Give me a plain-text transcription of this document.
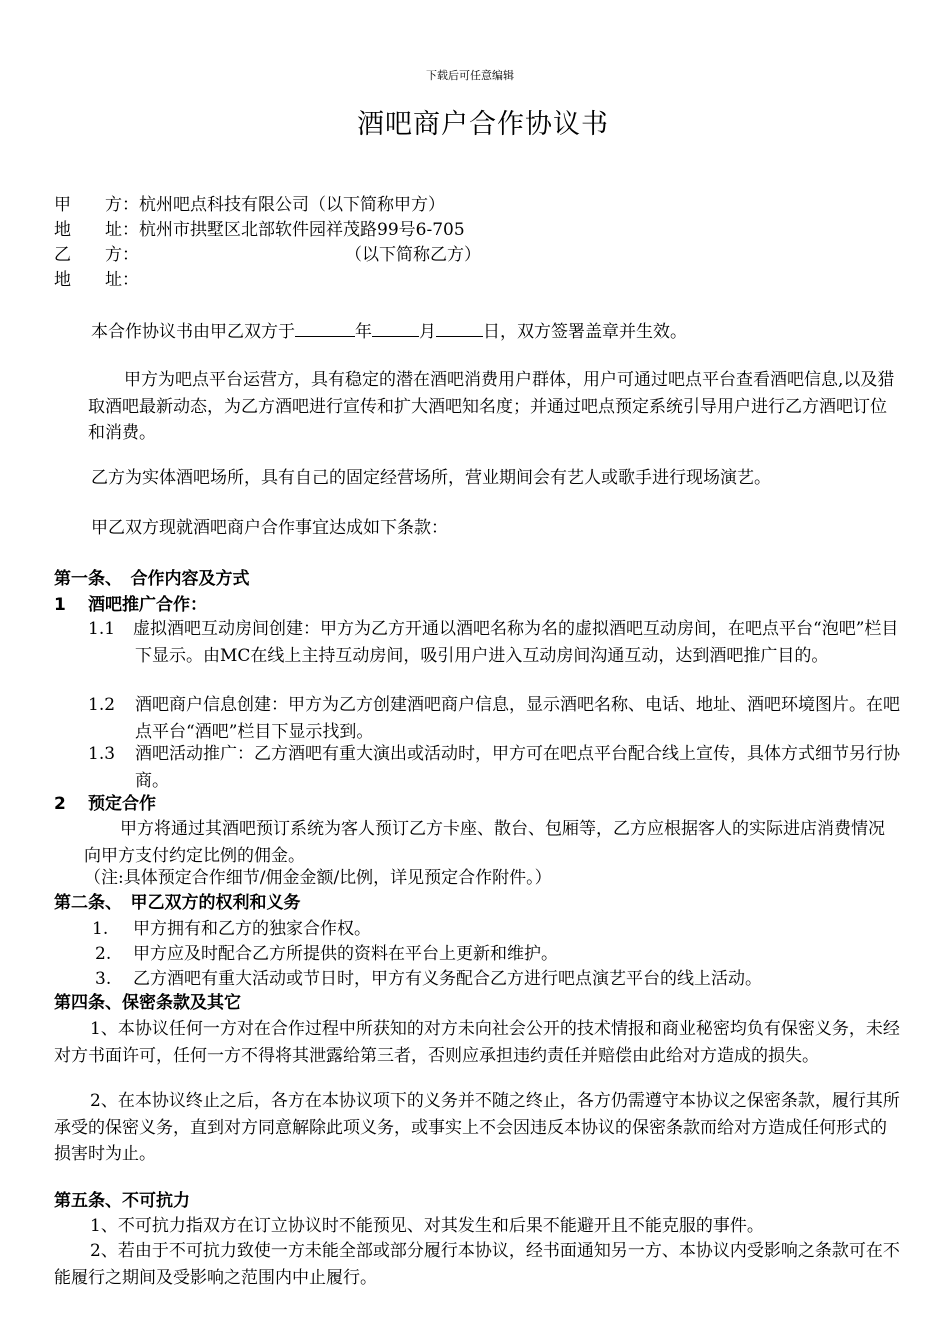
下载后可任意编辑
酒吧商户合作协议书
甲　　方：杭州吧点科技有限公司（以下简称甲方）
地　　址：杭州市拱墅区北部软件园祥茂路99号6-705
乙　　方：	（以下简称乙方）
地　　址：
本合作协议书由甲乙双方于	年	月	日，双方签署盖章并生效。
甲方为吧点平台运营方，具有稳定的潜在酒吧消费用户群体，用户可通过吧点平台查看酒吧信息,以及猎取酒吧最新动态，为乙方酒吧进行宣传和扩大酒吧知名度；并通过吧点预定系统引导用户进行乙方酒吧订位和消费。
乙方为实体酒吧场所，具有自己的固定经营场所，营业期间会有艺人或歌手进行现场演艺。
甲乙双方现就酒吧商户合作事宜达成如下条款：
第一条、　合作内容及方式
1 酒吧推广合作：
1.1 虚拟酒吧互动房间创建：甲方为乙方开通以酒吧名称为名的虚拟酒吧互动房间，在吧点平台“泡吧”栏目下显示。由MC在线上主持互动房间，吸引用户进入互动房间沟通互动，达到酒吧推广目的。
1.2 酒吧商户信息创建：甲方为乙方创建酒吧商户信息，显示酒吧名称、电话、地址、酒吧环境图片。在吧点平台“酒吧”栏目下显示找到。
1.3 酒吧活动推广：乙方酒吧有重大演出或活动时，甲方可在吧点平台配合线上宣传，具体方式细节另行协商。
2 预定合作
甲方将通过其酒吧预订系统为客人预订乙方卡座、散台、包厢等，乙方应根据客人的实际进店消费情况向甲方支付约定比例的佣金。
（注:具体预定合作细节/佣金金额/比例，详见预定合作附件。）
第二条、　甲乙双方的权利和义务
1. 甲方拥有和乙方的独家合作权。
2. 甲方应及时配合乙方所提供的资料在平台上更新和维护。
3. 乙方酒吧有重大活动或节日时，甲方有义务配合乙方进行吧点演艺平台的线上活动。
第四条、保密条款及其它
1、本协议任何一方对在合作过程中所获知的对方未向社会公开的技术情报和商业秘密均负有保密义务，未经对方书面许可，任何一方不得将其泄露给第三者，否则应承担违约责任并赔偿由此给对方造成的损失。
2、在本协议终止之后，各方在本协议项下的义务并不随之终止，各方仍需遵守本协议之保密条款，履行其所承受的保密义务，直到对方同意解除此项义务，或事实上不会因违反本协议的保密条款而给对方造成任何形式的损害时为止。
第五条、不可抗力
1、不可抗力指双方在订立协议时不能预见、对其发生和后果不能避开且不能克服的事件。
2、若由于不可抗力致使一方未能全部或部分履行本协议，经书面通知另一方、本协议内受影响之条款可在不能履行之期间及受影响之范围内中止履行。
